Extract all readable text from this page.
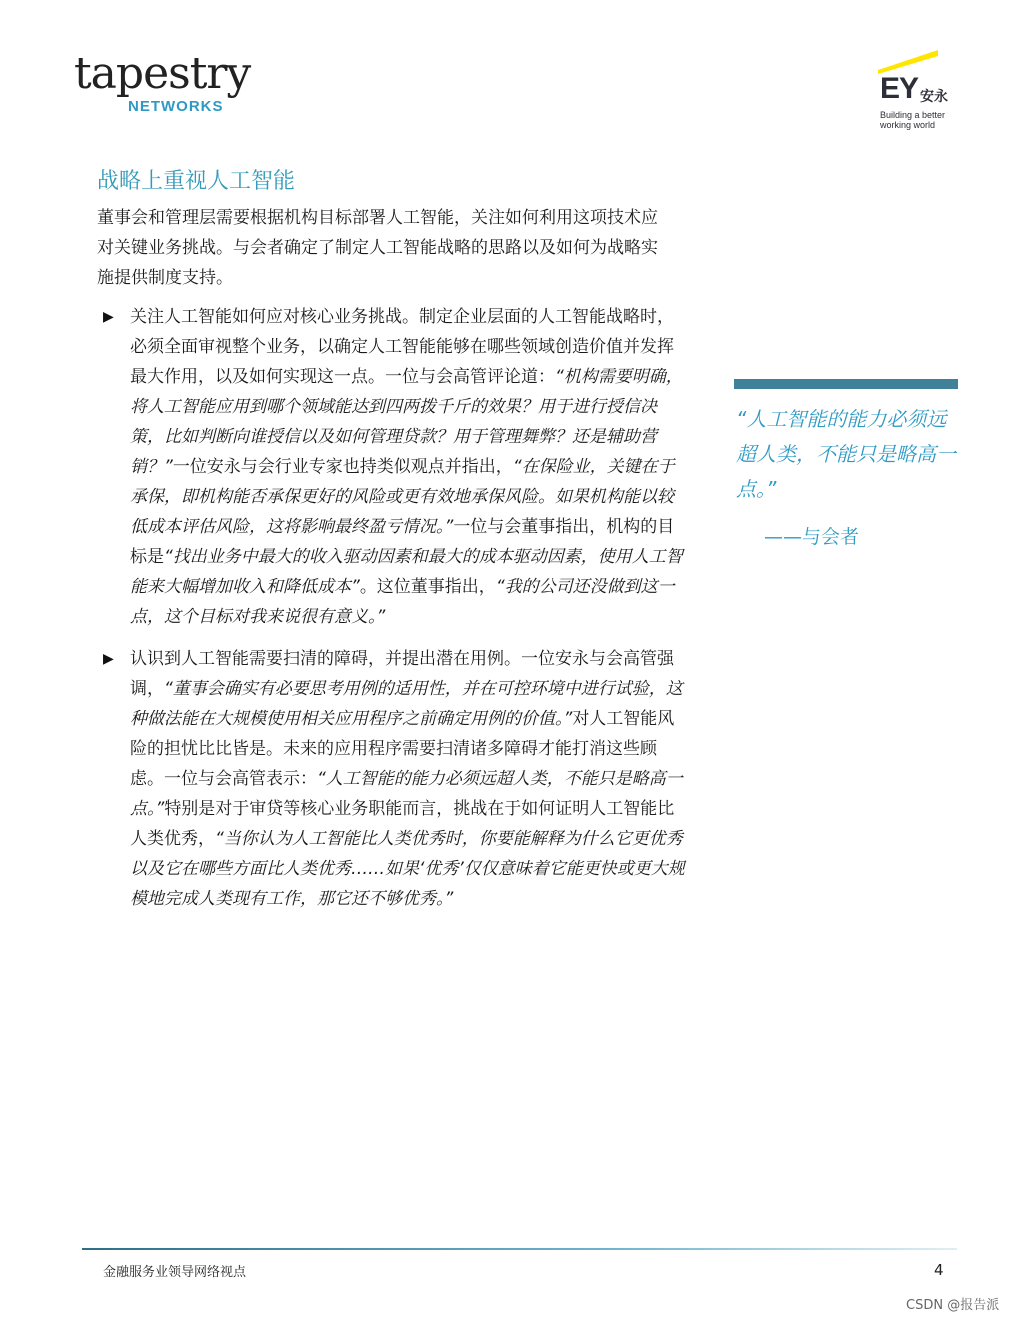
tapestry
NETWORKS
EY 安永
Building a better
working world
战略上重视人工智能

董事会和管理层需要根据机构目标部署人工智能，关注如何利用这项技术应对关键业务挑战。与会者确定了制定人工智能战略的思路以及如何为战略实施提供制度支持。

▶ 关注人工智能如何应对核心业务挑战。制定企业层面的人工智能战略时，必须全面审视整个业务，以确定人工智能能够在哪些领域创造价值并发挥最大作用，以及如何实现这一点。一位与会高管评论道：“机构需要明确，将人工智能应用到哪个领域能达到四两拨千斤的效果？用于进行授信决策，比如判断向谁授信以及如何管理贷款？用于管理舞弊？还是辅助营销？”一位安永与会行业专家也持类似观点并指出，“在保险业，关键在于承保，即机构能否承保更好的风险或更有效地承保风险。如果机构能以较低成本评估风险，这将影响最终盈亏情况。”一位与会董事指出，机构的目标是“找出业务中最大的收入驱动因素和最大的成本驱动因素，使用人工智能来大幅增加收入和降低成本”。这位董事指出，“我的公司还没做到这一点，这个目标对我来说很有意义。”
▶ 认识到人工智能需要扫清的障碍，并提出潜在用例。一位安永与会高管强调，“董事会确实有必要思考用例的适用性，并在可控环境中进行试验，这种做法能在大规模使用相关应用程序之前确定用例的价值。”对人工智能风险的担忧比比皆是。未来的应用程序需要扫清诸多障碍才能打消这些顾虑。一位与会高管表示：“人工智能的能力必须远超人类，不能只是略高一点。”特别是对于审贷等核心业务职能而言，挑战在于如何证明人工智能比人类优秀，“当你认为人工智能比人类优秀时，你要能解释为什么它更优秀以及它在哪些方面比人类优秀……如果‘优秀’仅仅意味着它能更快或更大规模地完成人类现有工作，那它还不够优秀。”

“人工智能的能力必须远超人类，不能只是略高一点。”

——与会者
金融服务业领导网络视点	4
CSDN @报告派
